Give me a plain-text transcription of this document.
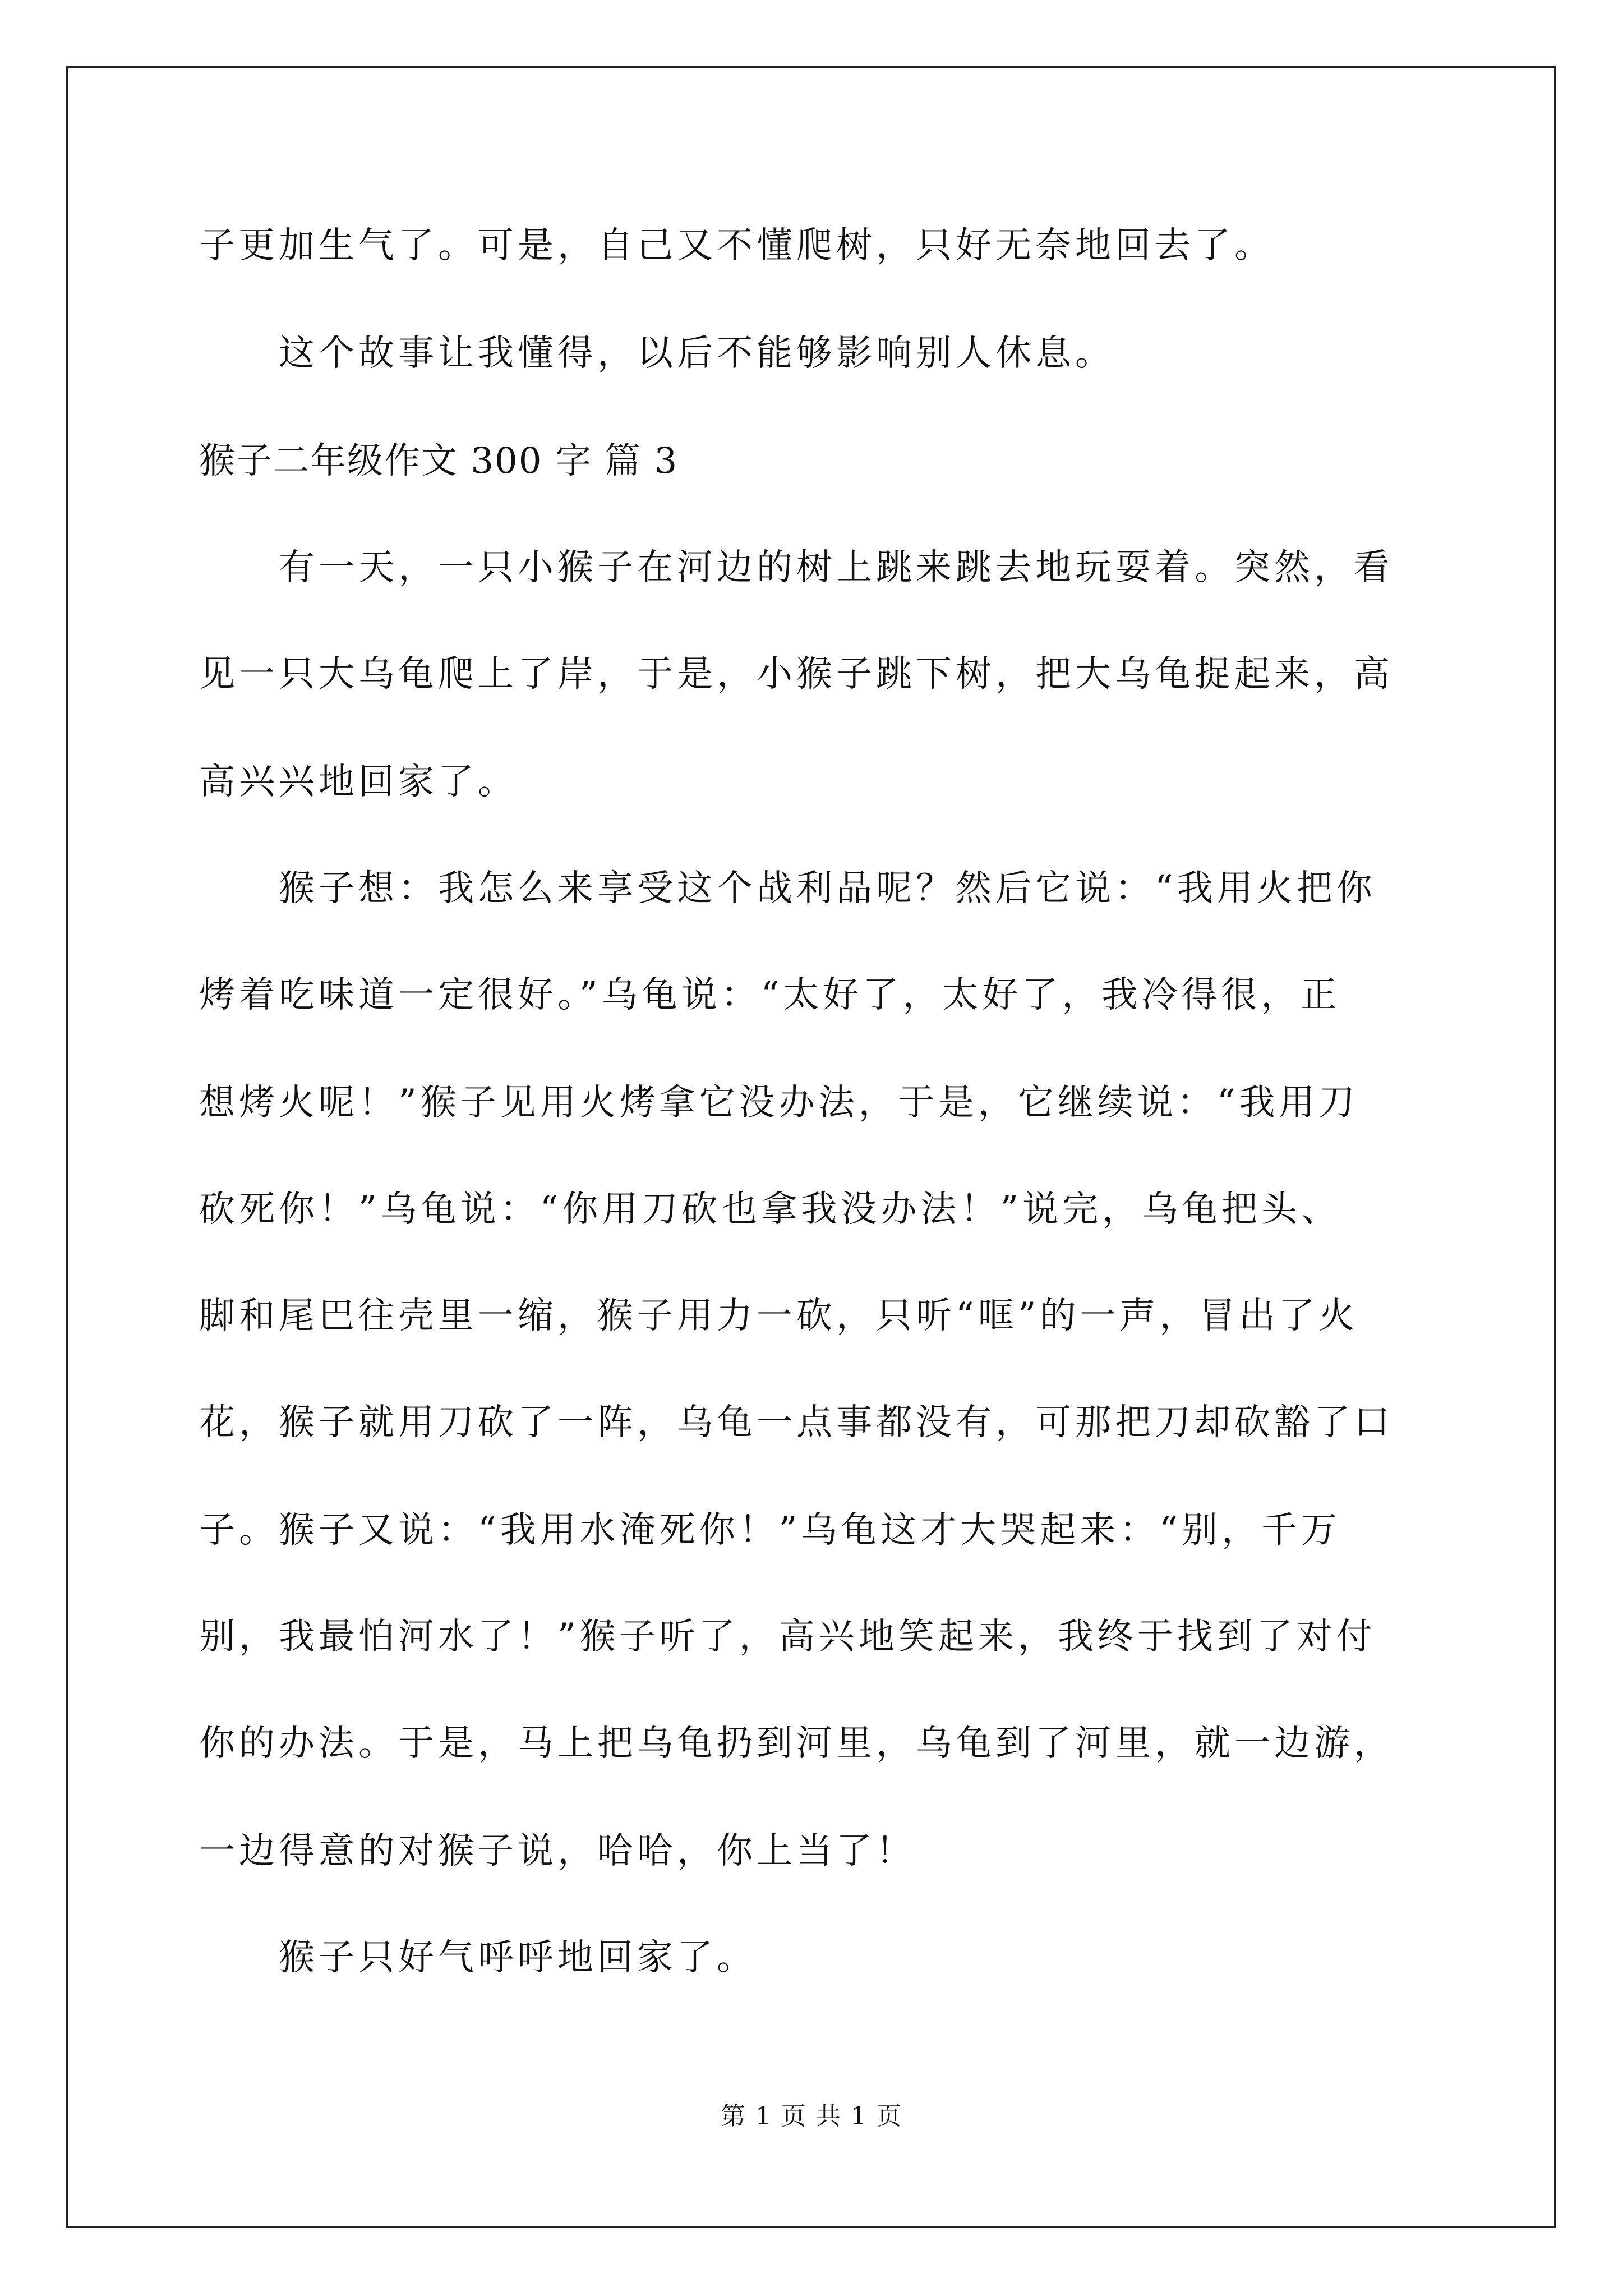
子更加生气了。可是，自己又不懂爬树，只好无奈地回去了。

这个故事让我懂得，以后不能够影响别人休息。

猴子二年级作文 300 字 篇 3

有一天，一只小猴子在河边的树上跳来跳去地玩耍着。突然，看

见一只大乌龟爬上了岸，于是，小猴子跳下树，把大乌龟捉起来，高

高兴兴地回家了。

猴子想：我怎么来享受这个战利品呢？然后它说：“我用火把你

烤着吃味道一定很好。”乌龟说：“太好了，太好了，我冷得很，正

想烤火呢！”猴子见用火烤拿它没办法，于是，它继续说：“我用刀

砍死你！”乌龟说：“你用刀砍也拿我没办法！”说完，乌龟把头、

脚和尾巴往壳里一缩，猴子用力一砍，只听“哐”的一声，冒出了火

花，猴子就用刀砍了一阵，乌龟一点事都没有，可那把刀却砍豁了口

子。猴子又说：“我用水淹死你！”乌龟这才大哭起来：“别，千万

别，我最怕河水了！”猴子听了，高兴地笑起来，我终于找到了对付

你的办法。于是，马上把乌龟扔到河里，乌龟到了河里，就一边游，

一边得意的对猴子说，哈哈，你上当了！

猴子只好气呼呼地回家了。

第 1 页 共 1 页
